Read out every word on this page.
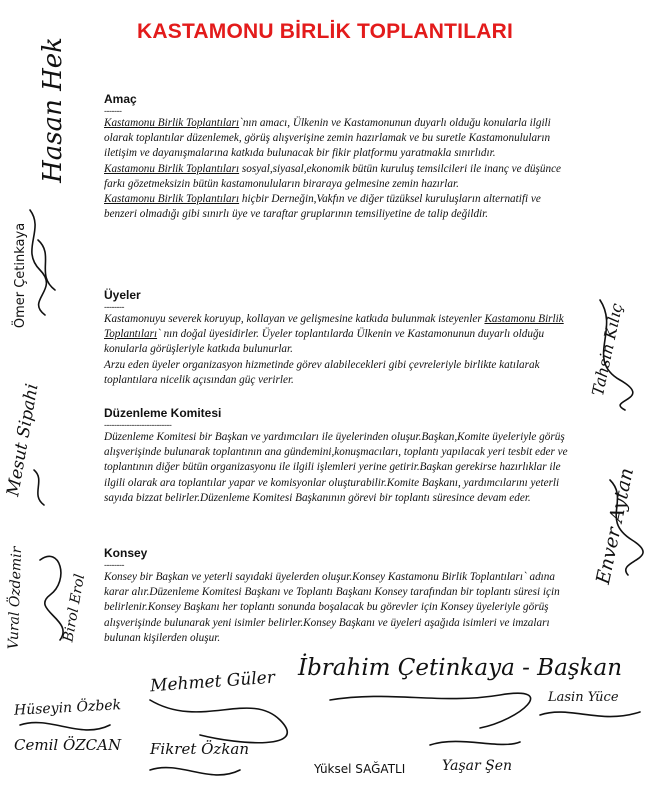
KASTAMONU BİRLİK TOPLANTILARI
Amaç
-------

Kastamonu Birlik Toplantıları`nın amacı, Ülkenin ve Kastamonunun duyarlı olduğu konularla ilgili olarak toplantılar düzenlemek, görüş alışverişine zemin hazırlamak ve bu suretle Kastamonuluların iletişim ve dayanışmalarına katkıda bulunacak bir fikir platformu yaratmakla sınırlıdır.

Kastamonu Birlik Toplantıları sosyal,siyasal,ekonomik bütün kuruluş temsilcileri ile inanç ve düşünce farkı gözetmeksizin bütün kastamonuluların biraraya gelmesine zemin hazırlar.

Kastamonu Birlik Toplantıları hiçbir Derneğin,Vakfın ve diğer tüzüksel kuruluşların alternatifi ve benzeri olmadığı gibi sınırlı üye ve taraftar gruplarının temsiliyetine de talip değildir.

Üyeler
--------

Kastamonuyu severek koruyup, kollayan ve gelişmesine katkıda bulunmak isteyenler Kastamonu Birlik Toplantıları` nın doğal üyesidirler. Üyeler toplantılarda Ülkenin ve Kastamonunun duyarlı olduğu konularla görüşleriyle katkıda bulunurlar.

Arzu eden üyeler organizasyon hizmetinde görev alabilecekleri gibi çevreleriyle birlikte katılarak toplantılara nicelik açısından güç verirler.

Düzenleme Komitesi
---------------------------

Düzenleme Komitesi bir Başkan ve yardımcıları ile üyelerinden oluşur.Başkan,Komite üyeleriyle görüş alışverişinde bulunarak toplantının ana gündemini,konuşmacıları, toplantı yapılacak yeri tesbit eder ve toplantının diğer bütün organizasyonu ile ilgili işlemleri yerine getirir.Başkan gerekirse hazırlıklar ile ilgili olarak ara toplantılar yapar ve komisyonlar oluşturabilir.Komite Başkanı, yardımcılarını yeterli sayıda bizzat belirler.Düzenleme Komitesi Başkanının görevi bir toplantı süresince devam eder.

Konsey
--------

Konsey bir Başkan ve yeterli sayıdaki üyelerden oluşur.Konsey Kastamonu Birlik Toplantıları` adına karar alır.Düzenleme Komitesi Başkanı ve Toplantı Başkanı Konsey tarafından bir toplantı süresi için belirlenir.Konsey Başkanı her toplantı sonunda boşalacak bu görevler için Konsey üyeleriyle görüş alışverişinde bulunarak yeni isimler belirler.Konsey Başkanı ve üyeleri aşağıda isimleri ve imzaları bulunan kişilerden oluşur.

Hasan Hek
Ömer Çetinkaya
Mesut Sipahi
Vural Özdemir	Birol Erol
Tahsin Kılıç
Enver Aytan
İbrahim Çetinkaya - Başkan
Mehmet Güler
Hüseyin Özbek
Cemil ÖZCAN Fikret Özkan
Yüksel SAĞATLI	Yaşar Şen
Lasin Yüce
